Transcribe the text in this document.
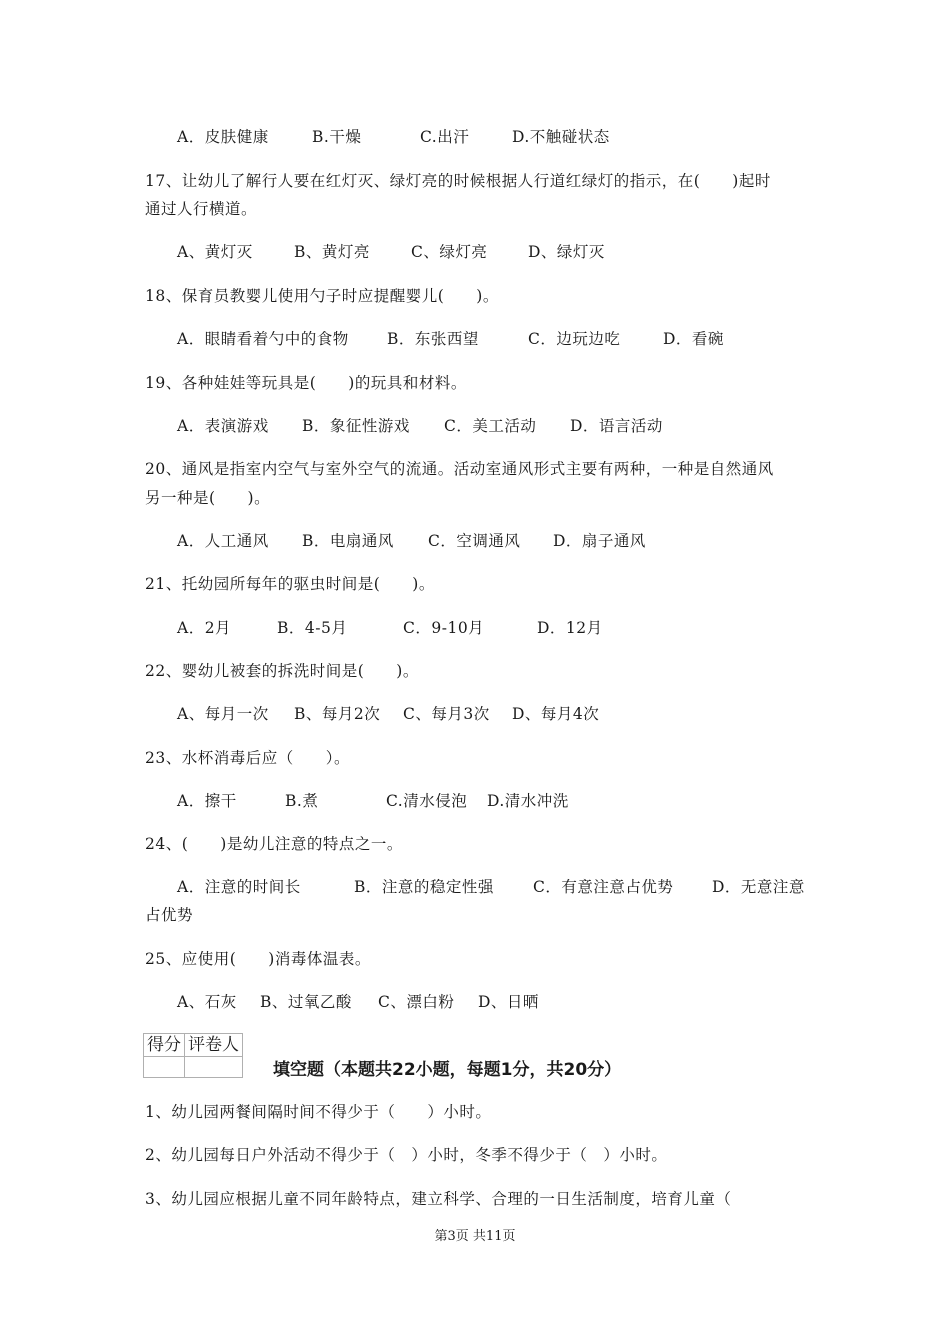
A．皮肤健康	B.干燥	C.出汗	D.不触碰状态
17、让幼儿了解行人要在红灯灭、绿灯亮的时候根据人行道红绿灯的指示，在(　　)起时
通过人行横道。
A、黄灯灭	B、黄灯亮	C、绿灯亮	D、绿灯灭
18、保育员教婴儿使用勺子时应提醒婴儿(　　)。
A．眼睛看着勺中的食物 B．东张西望	C．边玩边吃	D．看碗
19、各种娃娃等玩具是(　　)的玩具和材料。
A．表演游戏 B．象征性游戏 C．美工活动 D．语言活动
20、通风是指室内空气与室外空气的流通。活动室通风形式主要有两种，一种是自然通风
另一种是(　　)。
A．人工通风 B．电扇通风 C．空调通风 D．扇子通风
21、托幼园所每年的驱虫时间是(　　)。
A．2月	B．4-5月	C．9-10月	D．12月
22、婴幼儿被套的拆洗时间是(　　)。
A、每月一次 B、每月2次 C、每月3次 D、每月4次
23、水杯消毒后应（　　）。
A．擦干	B.煮	C.清水侵泡 D.清水冲洗
24、(　　)是幼儿注意的特点之一。
A．注意的时间长	B．注意的稳定性强	C．有意注意占优势 D．无意注意
占优势
25、应使用(　　)消毒体温表。
A、石灰 B、过氧乙酸 C、漂白粉 D、日晒
得分	评卷人

填空题（本题共22小题，每题1分，共20分）
1、幼儿园两餐间隔时间不得少于（　　）小时。
2、幼儿园每日户外活动不得少于（　）小时，冬季不得少于（　）小时。
3、幼儿园应根据儿童不同年龄特点，建立科学、合理的一日生活制度，培育儿童（
第3页 共11页
